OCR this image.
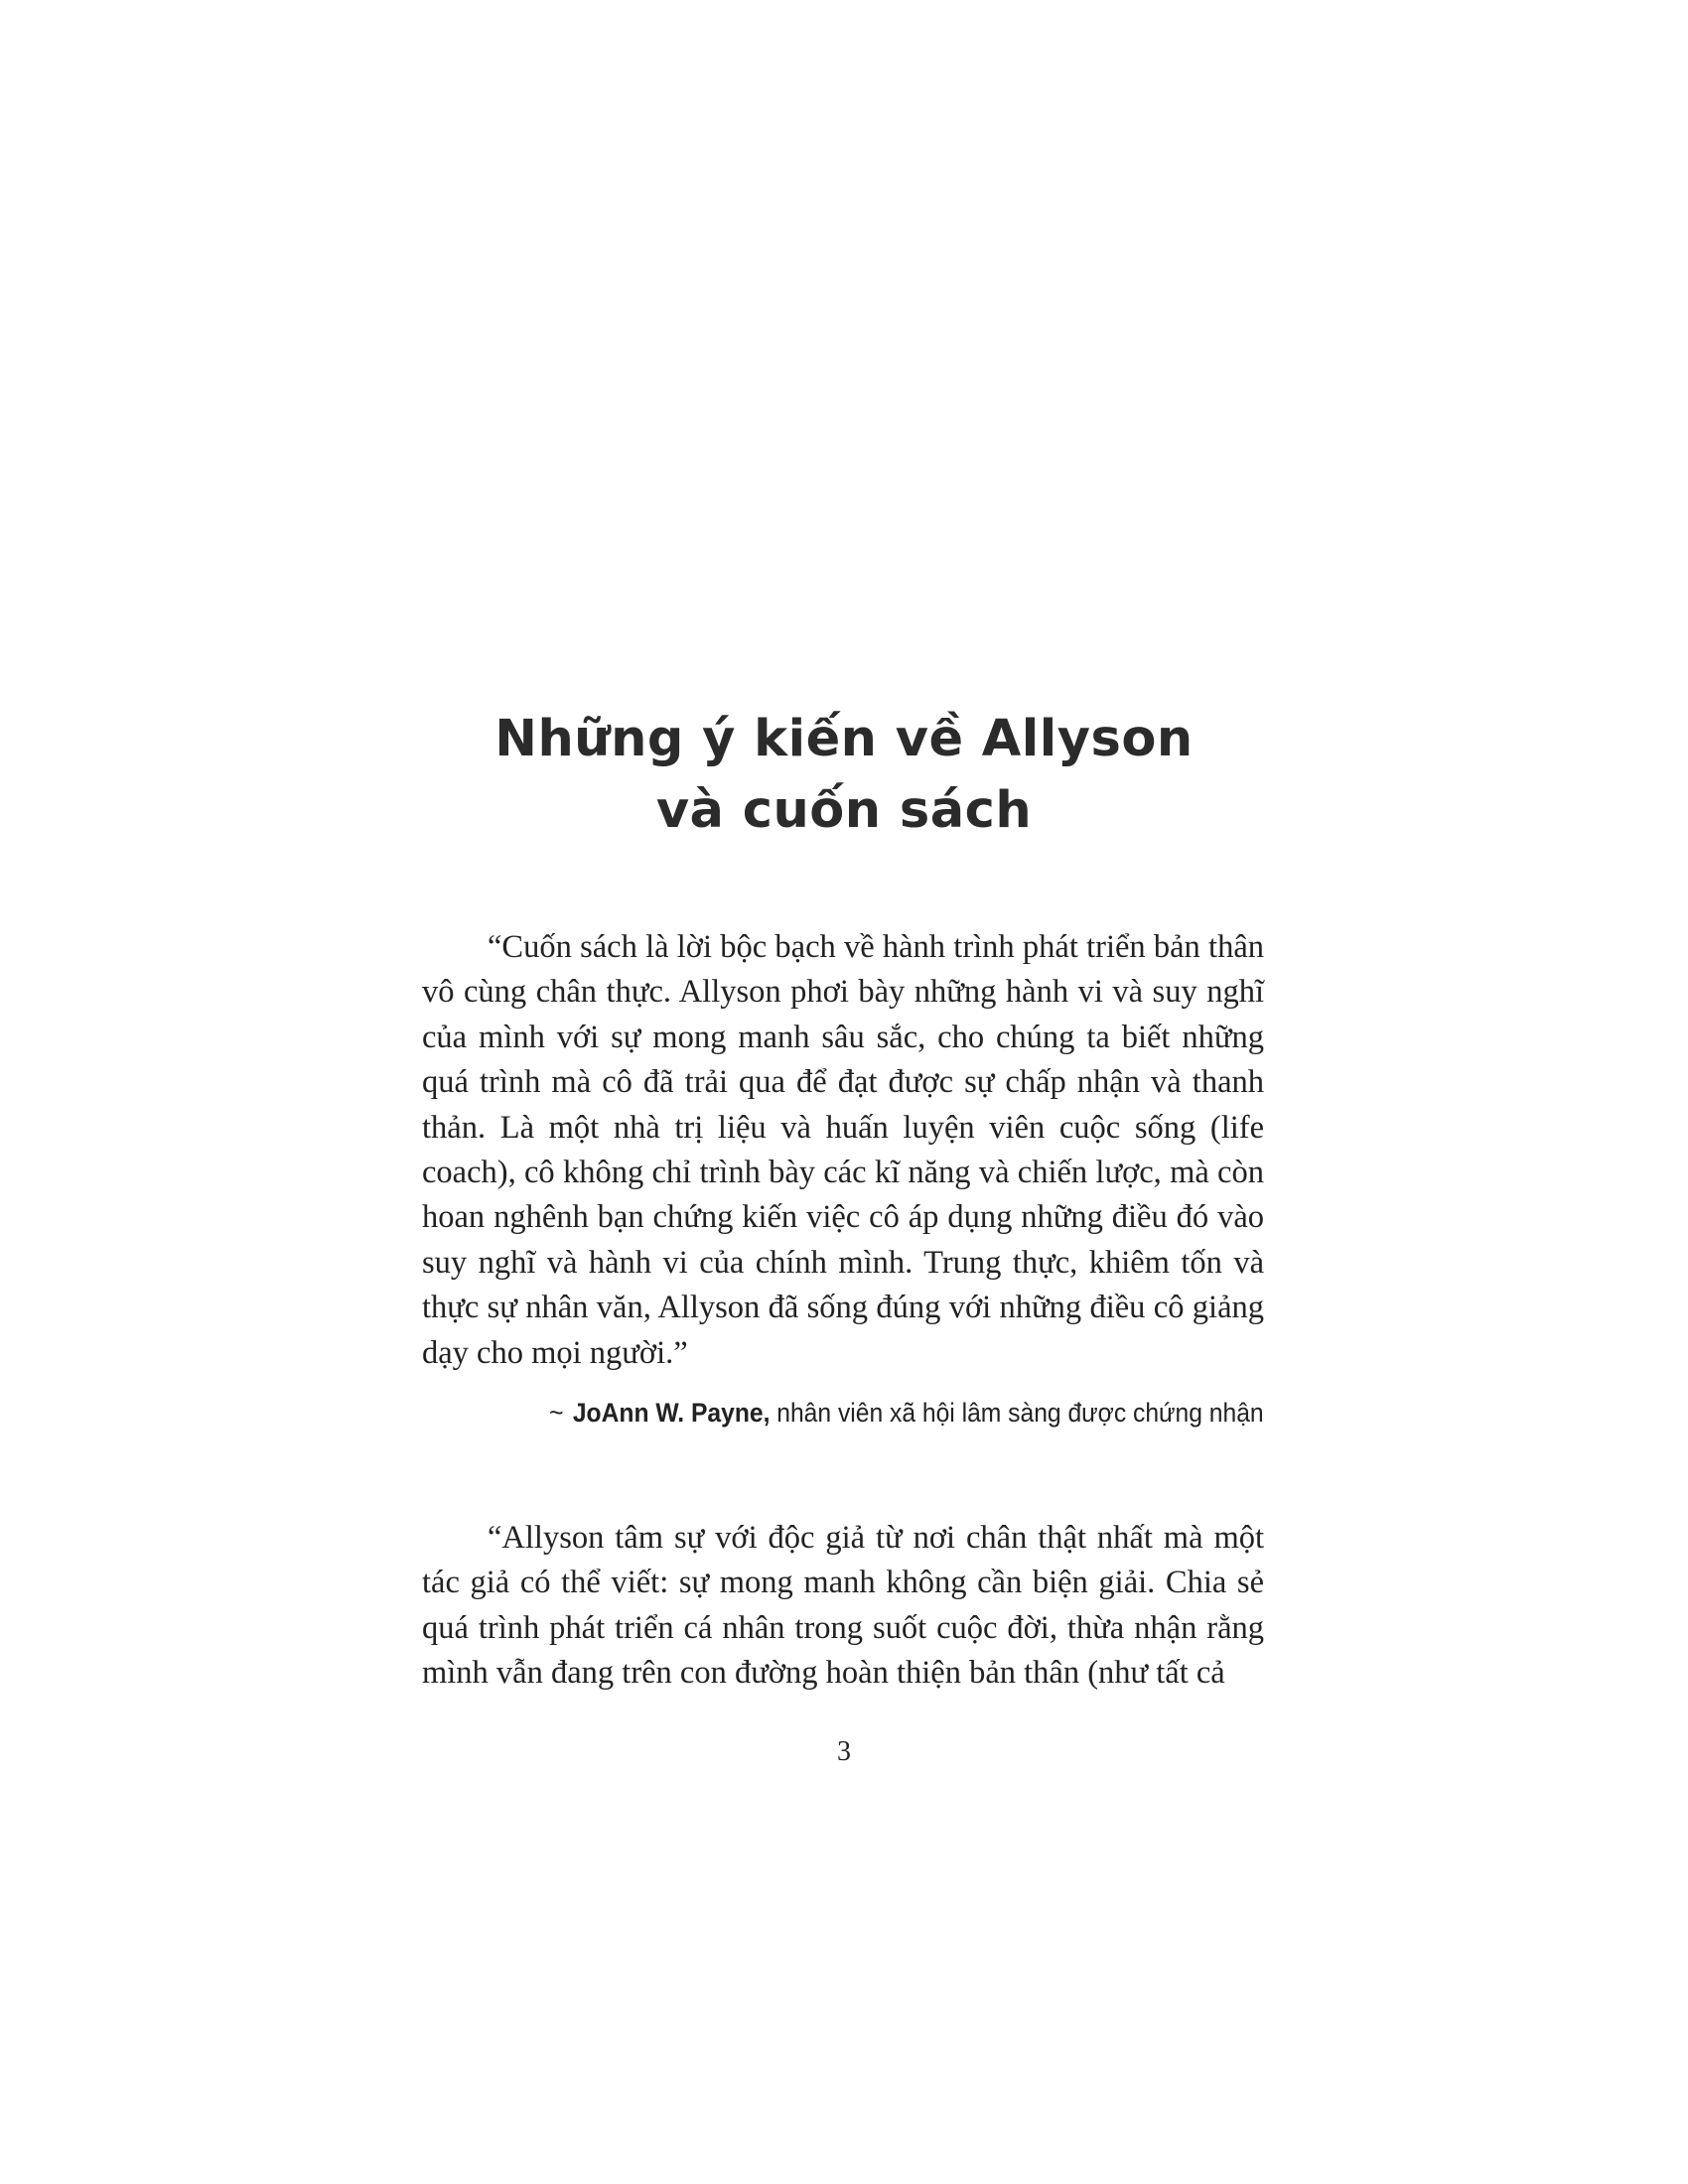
Những ý kiến về Allyson
và cuốn sách

“Cuốn sách là lời bộc bạch về hành trình phát triển bản thân vô cùng chân thực. Allyson phơi bày những hành vi và suy nghĩ của mình với sự mong manh sâu sắc, cho chúng ta biết những quá trình mà cô đã trải qua để đạt được sự chấp nhận và thanh thản. Là một nhà trị liệu và huấn luyện viên cuộc sống (life coach), cô không chỉ trình bày các kĩ năng và chiến lược, mà còn hoan nghênh bạn chứng kiến việc cô áp dụng những điều đó vào suy nghĩ và hành vi của chính mình. Trung thực, khiêm tốn và thực sự nhân văn, Allyson đã sống đúng với những điều cô giảng dạy cho mọi người.”

~ JoAnn W. Payne, nhân viên xã hội lâm sàng được chứng nhận

“Allyson tâm sự với độc giả từ nơi chân thật nhất mà một tác giả có thể viết: sự mong manh không cần biện giải. Chia sẻ quá trình phát triển cá nhân trong suốt cuộc đời, thừa nhận rằng mình vẫn đang trên con đường hoàn thiện bản thân (như tất cả

3
